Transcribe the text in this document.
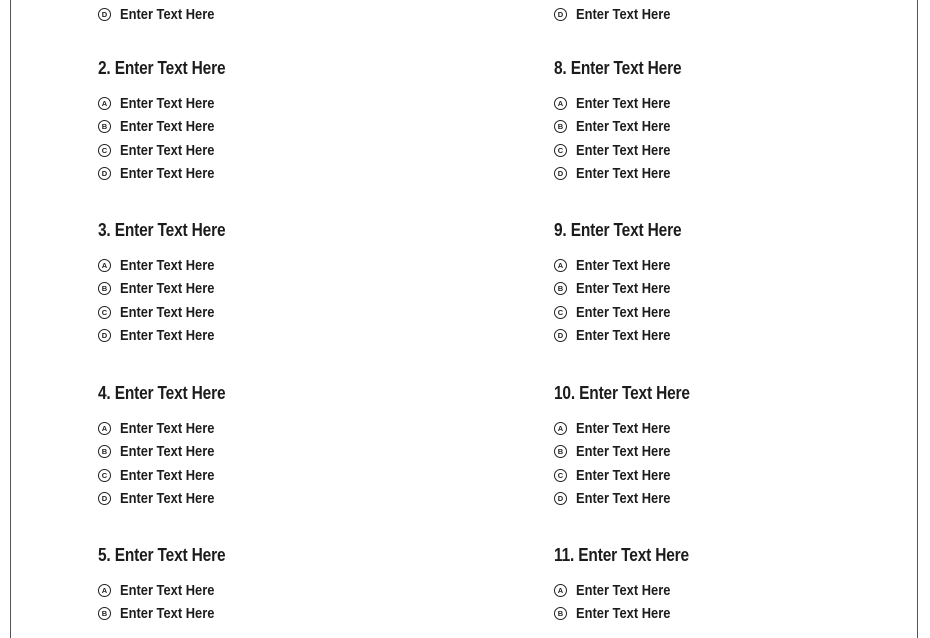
D Enter Text Here
2. Enter Text Here
A Enter Text Here
B Enter Text Here
C Enter Text Here
D Enter Text Here
3. Enter Text Here
A Enter Text Here
B Enter Text Here
C Enter Text Here
D Enter Text Here
4. Enter Text Here
A Enter Text Here
B Enter Text Here
C Enter Text Here
D Enter Text Here
5. Enter Text Here
A Enter Text Here
B Enter Text Here
D Enter Text Here
8. Enter Text Here
A Enter Text Here
B Enter Text Here
C Enter Text Here
D Enter Text Here
9. Enter Text Here
A Enter Text Here
B Enter Text Here
C Enter Text Here
D Enter Text Here
10. Enter Text Here
A Enter Text Here
B Enter Text Here
C Enter Text Here
D Enter Text Here
11. Enter Text Here
A Enter Text Here
B Enter Text Here
